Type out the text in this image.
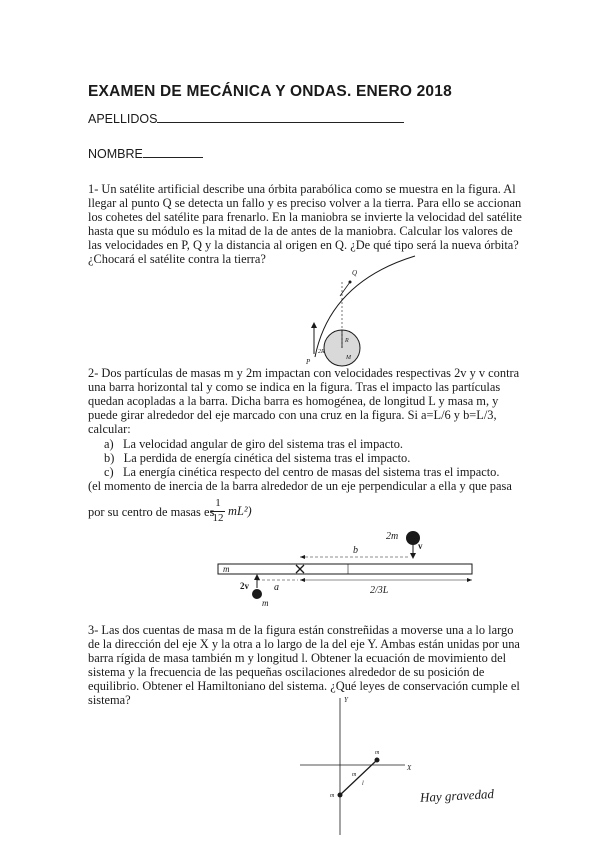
EXAMEN DE MECÁNICA Y ONDAS. ENERO 2018
APELLIDOS
NOMBRE
1- Un satélite artificial describe una órbita parabólica como se muestra en la figura. Al
llegar al punto Q se detecta un fallo y es preciso volver a la tierra. Para ello se accionan
los cohetes del satélite para frenarlo. En la maniobra se invierte la velocidad del satélite
hasta que su módulo es la mitad de la de antes de la maniobra. Calcular los valores de
las velocidades en P, Q y la distancia al origen en Q. ¿De qué tipo será la nueva órbita?
¿Chocará el satélite contra la tierra?
Q
P	M
R
2R
2- Dos partículas de masas m y 2m impactan con velocidades respectivas 2v y v contra
una barra horizontal tal y como se indica en la figura. Tras el impacto las partículas
quedan acopladas a la barra. Dicha barra es homogénea, de longitud L y masa m, y
puede girar alrededor del eje marcado con una cruz en la figura. Si a=L/6 y b=L/3,
calcular:
a) La velocidad angular de giro del sistema tras el impacto.
b) La perdida de energía cinética del sistema tras el impacto.
c) La energía cinética respecto del centro de masas del sistema tras el impacto.
(el momento de inercia de la barra alrededor de un eje perpendicular a ella y que pasa
por su centro de masas es
1
12 mL²)
2m
v
b
m
2/3L
a
2v
m
3- Las dos cuentas de masa m de la figura están constreñidas a moverse una a lo largo
de la dirección del eje X y la otra a lo largo de la del eje Y. Ambas están unidas por una
barra rígida de masa también m y longitud l. Obtener la ecuación de movimiento del
sistema y la frecuencia de las pequeñas oscilaciones alrededor de su posición de
equilibrio. Obtener el Hamiltoniano del sistema. ¿Qué leyes de conservación cumple el
sistema?	Y
X
m
m
l
m	Hay gravedad
